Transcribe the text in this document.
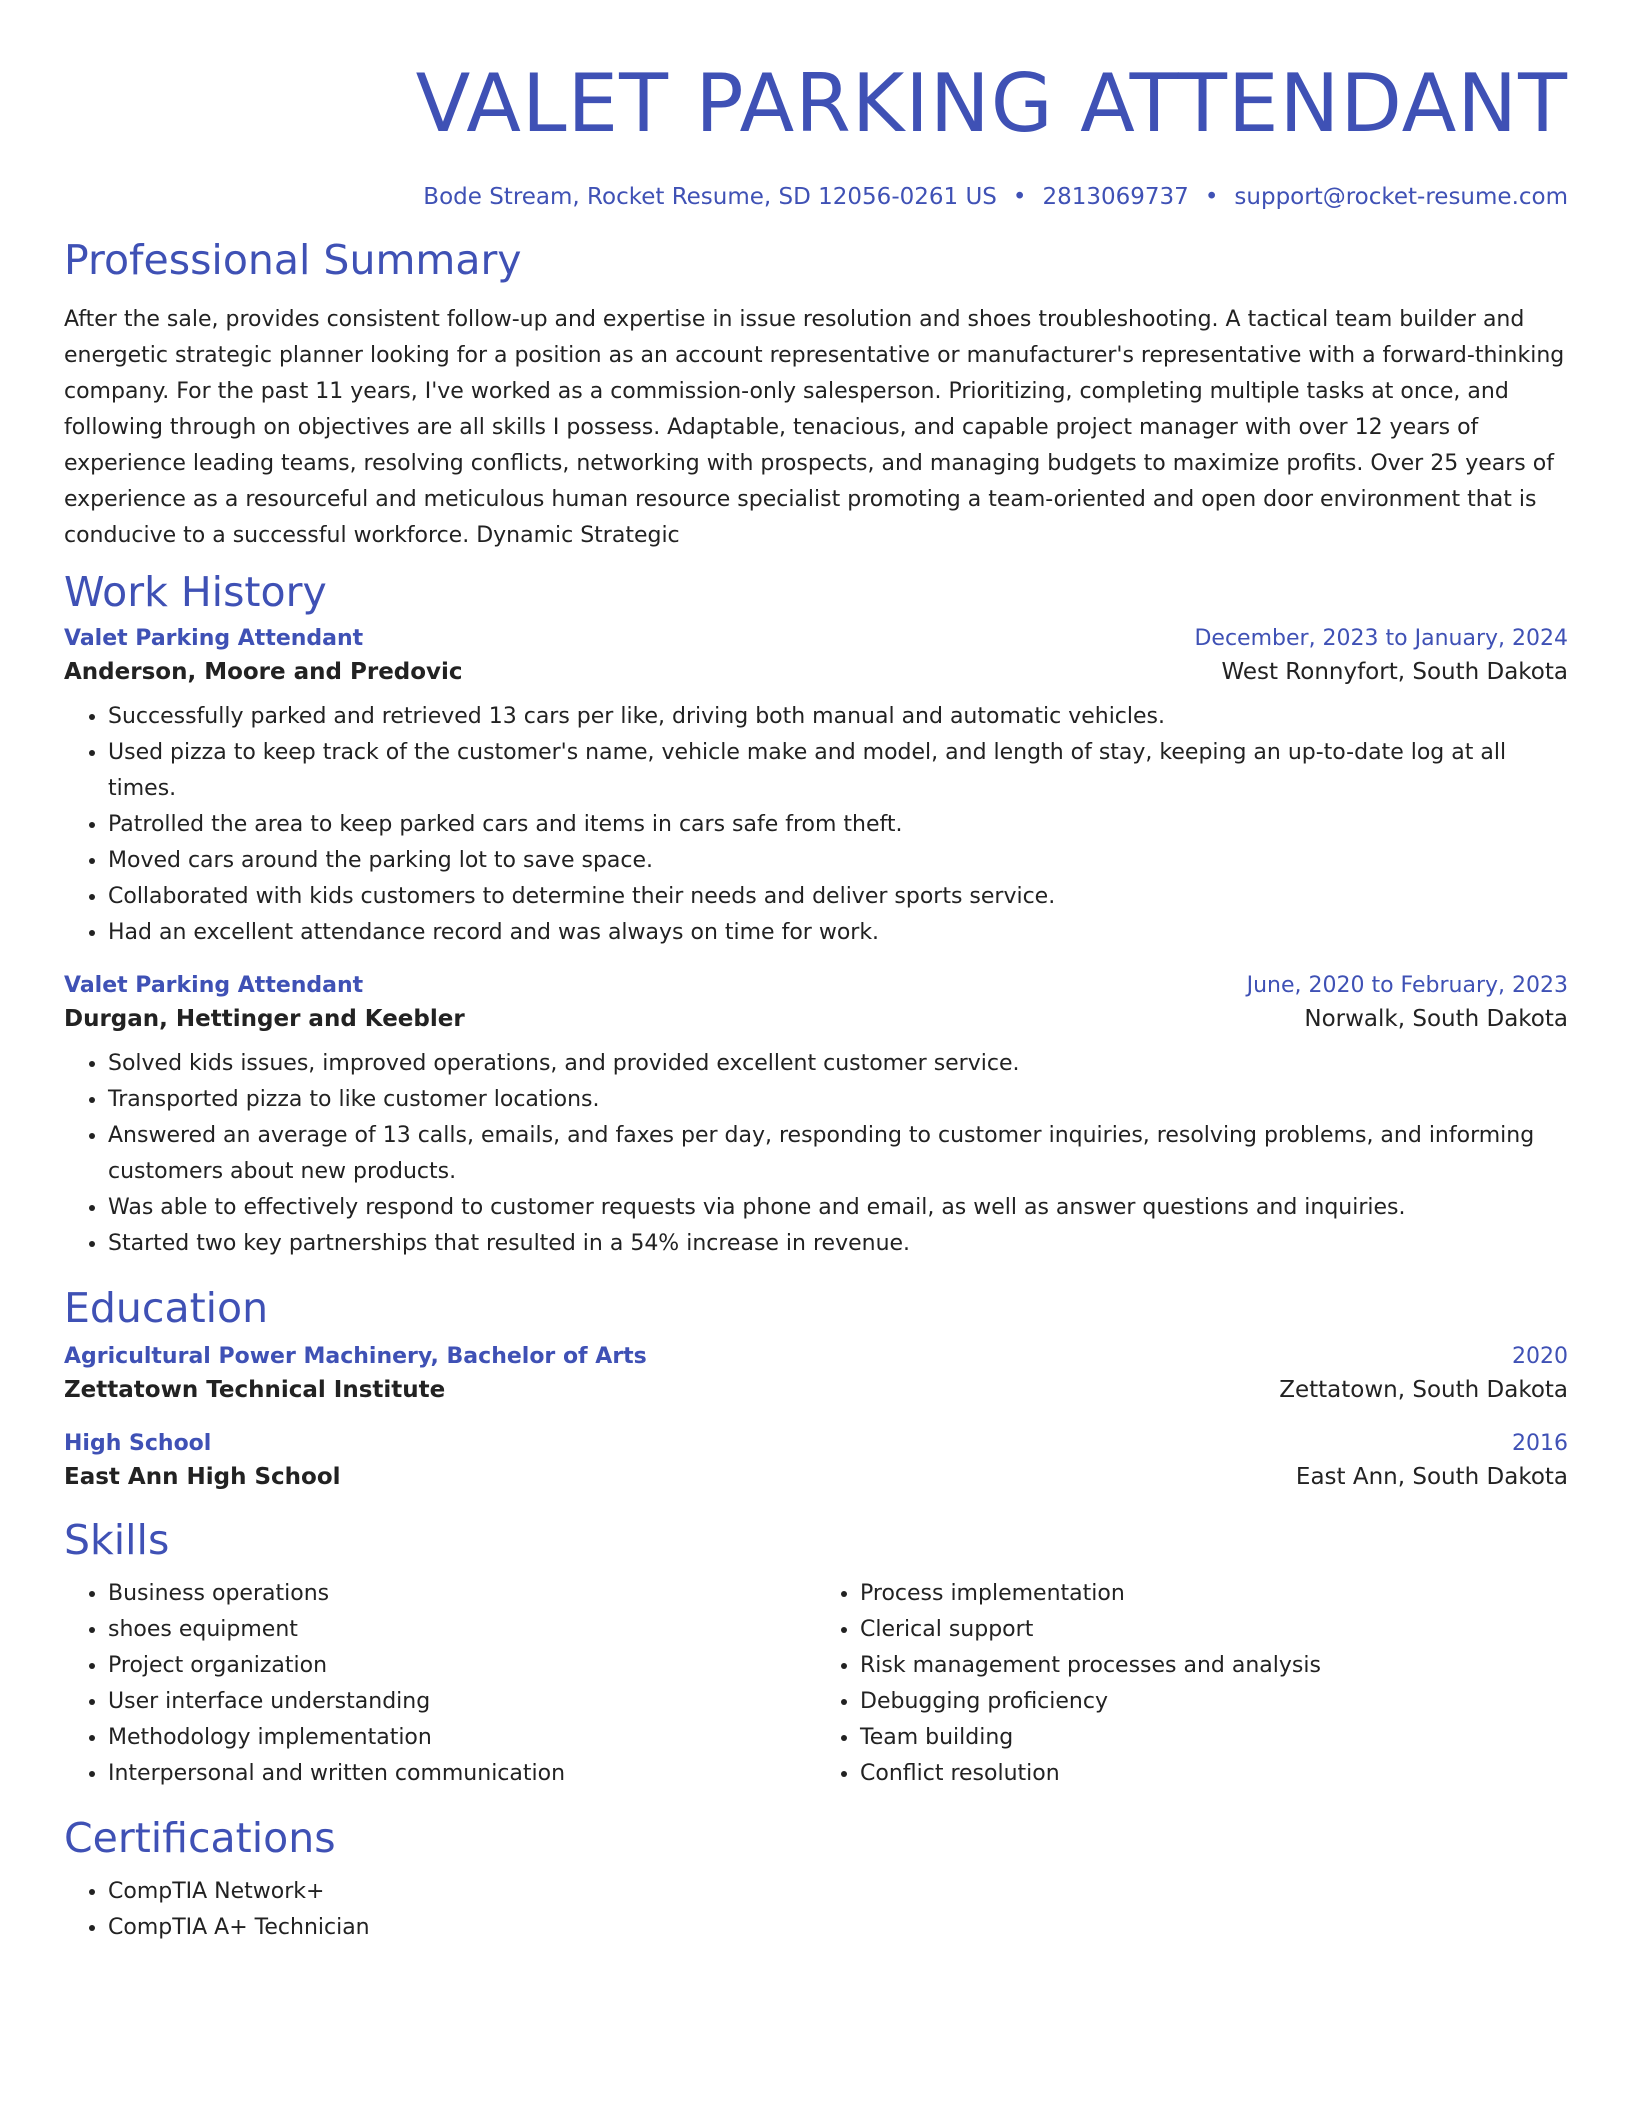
VALET PARKING ATTENDANT
Bode Stream, Rocket Resume, SD 12056-0261 US • 2813069737 • support@rocket-resume.com
Professional Summary
After the sale, provides consistent follow-up and expertise in issue resolution and shoes troubleshooting. A tactical team builder and energetic strategic planner looking for a position as an account representative or manufacturer's representative with a forward-thinking company. For the past 11 years, I've worked as a commission-only salesperson. Prioritizing, completing multiple tasks at once, and following through on objectives are all skills I possess. Adaptable, tenacious, and capable project manager with over 12 years of experience leading teams, resolving conflicts, networking with prospects, and managing budgets to maximize profits. Over 25 years of experience as a resourceful and meticulous human resource specialist promoting a team-oriented and open door environment that is conducive to a successful workforce. Dynamic Strategic
Work History
Valet Parking Attendant	December, 2023 to January, 2024
Anderson, Moore and Predovic	West Ronnyfort, South Dakota
• Successfully parked and retrieved 13 cars per like, driving both manual and automatic vehicles.
• Used pizza to keep track of the customer's name, vehicle make and model, and length of stay, keeping an up-to-date log at all times.
• Patrolled the area to keep parked cars and items in cars safe from theft.
• Moved cars around the parking lot to save space.
• Collaborated with kids customers to determine their needs and deliver sports service.
• Had an excellent attendance record and was always on time for work.
Valet Parking Attendant	June, 2020 to February, 2023
Durgan, Hettinger and Keebler	Norwalk, South Dakota
• Solved kids issues, improved operations, and provided excellent customer service.
• Transported pizza to like customer locations.
• Answered an average of 13 calls, emails, and faxes per day, responding to customer inquiries, resolving problems, and informing customers about new products.
• Was able to effectively respond to customer requests via phone and email, as well as answer questions and inquiries.
• Started two key partnerships that resulted in a 54% increase in revenue.
Education
Agricultural Power Machinery, Bachelor of Arts	2020
Zettatown Technical Institute	Zettatown, South Dakota
High School	2016
East Ann High School	East Ann, South Dakota
Skills
• Business operations
• shoes equipment
• Project organization
• User interface understanding
• Methodology implementation
• Interpersonal and written communication
• Process implementation
• Clerical support
• Risk management processes and analysis
• Debugging proficiency
• Team building
• Conflict resolution
Certifications
• CompTIA Network+
• CompTIA A+ Technician
